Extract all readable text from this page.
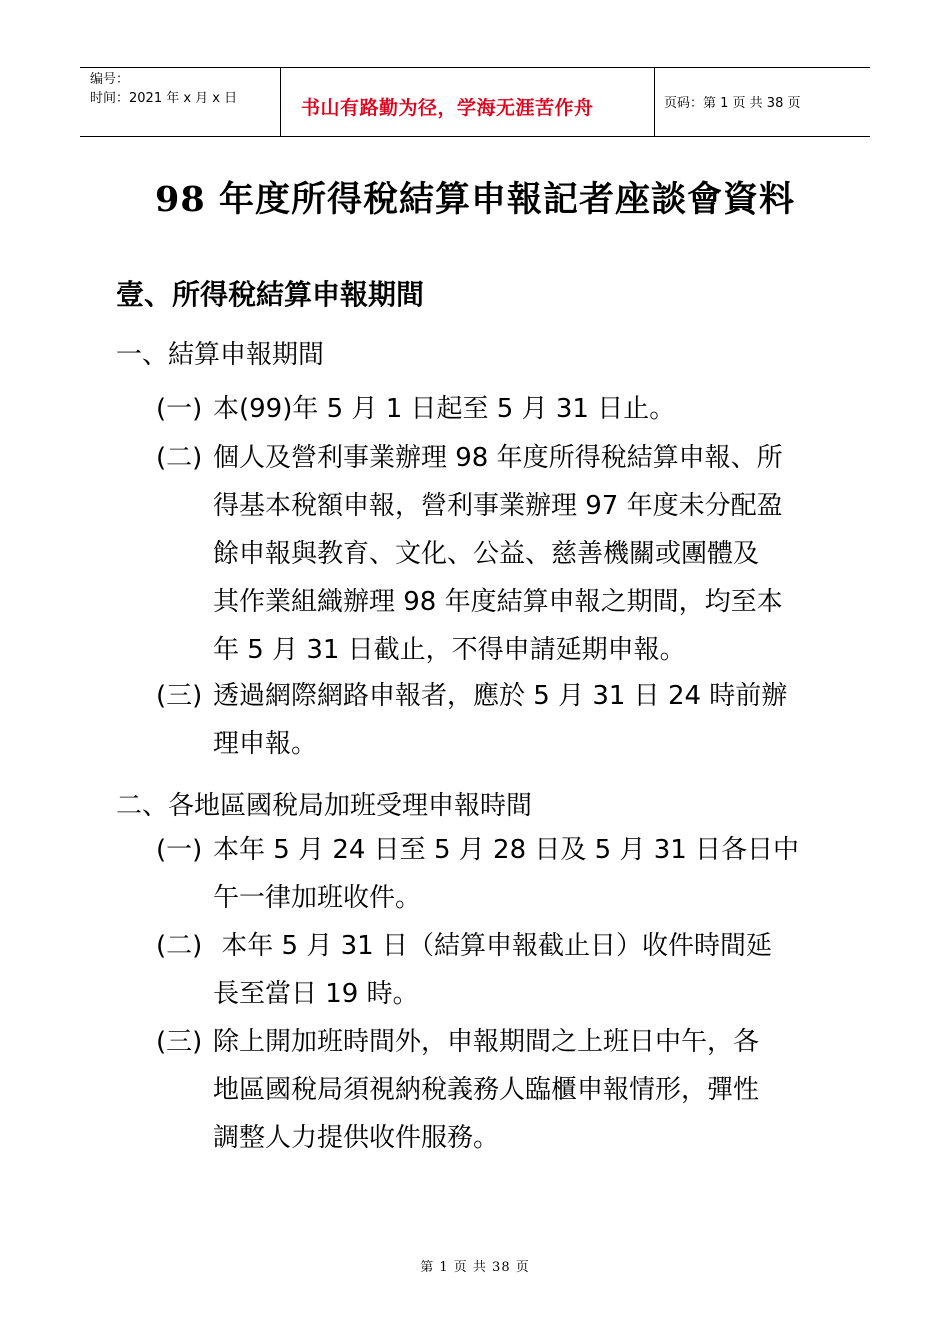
编号：
时间：2021 年 x 月 x 日	书山有路勤为径，学海无涯苦作舟	页码：第 1 页 共 38 页
98 年度所得稅結算申報記者座談會資料
壹、所得稅結算申報期間
一、結算申報期間
(一) 本(99)年 5 月 1 日起至 5 月 31 日止。
(二) 個人及營利事業辦理 98 年度所得稅結算申報、所
得基本稅額申報，營利事業辦理 97 年度未分配盈
餘申報與教育、文化、公益、慈善機關或團體及
其作業組織辦理 98 年度結算申報之期間，均至本
年 5 月 31 日截止，不得申請延期申報。
(三) 透過網際網路申報者，應於 5 月 31 日 24 時前辦
理申報。
二、各地區國稅局加班受理申報時間
(一) 本年 5 月 24 日至 5 月 28 日及 5 月 31 日各日中
午一律加班收件。
(二) 本年 5 月 31 日（結算申報截止日）收件時間延
長至當日 19 時。
(三) 除上開加班時間外，申報期間之上班日中午，各
地區國稅局須視納稅義務人臨櫃申報情形，彈性
調整人力提供收件服務。
第 1 页 共 38 页
